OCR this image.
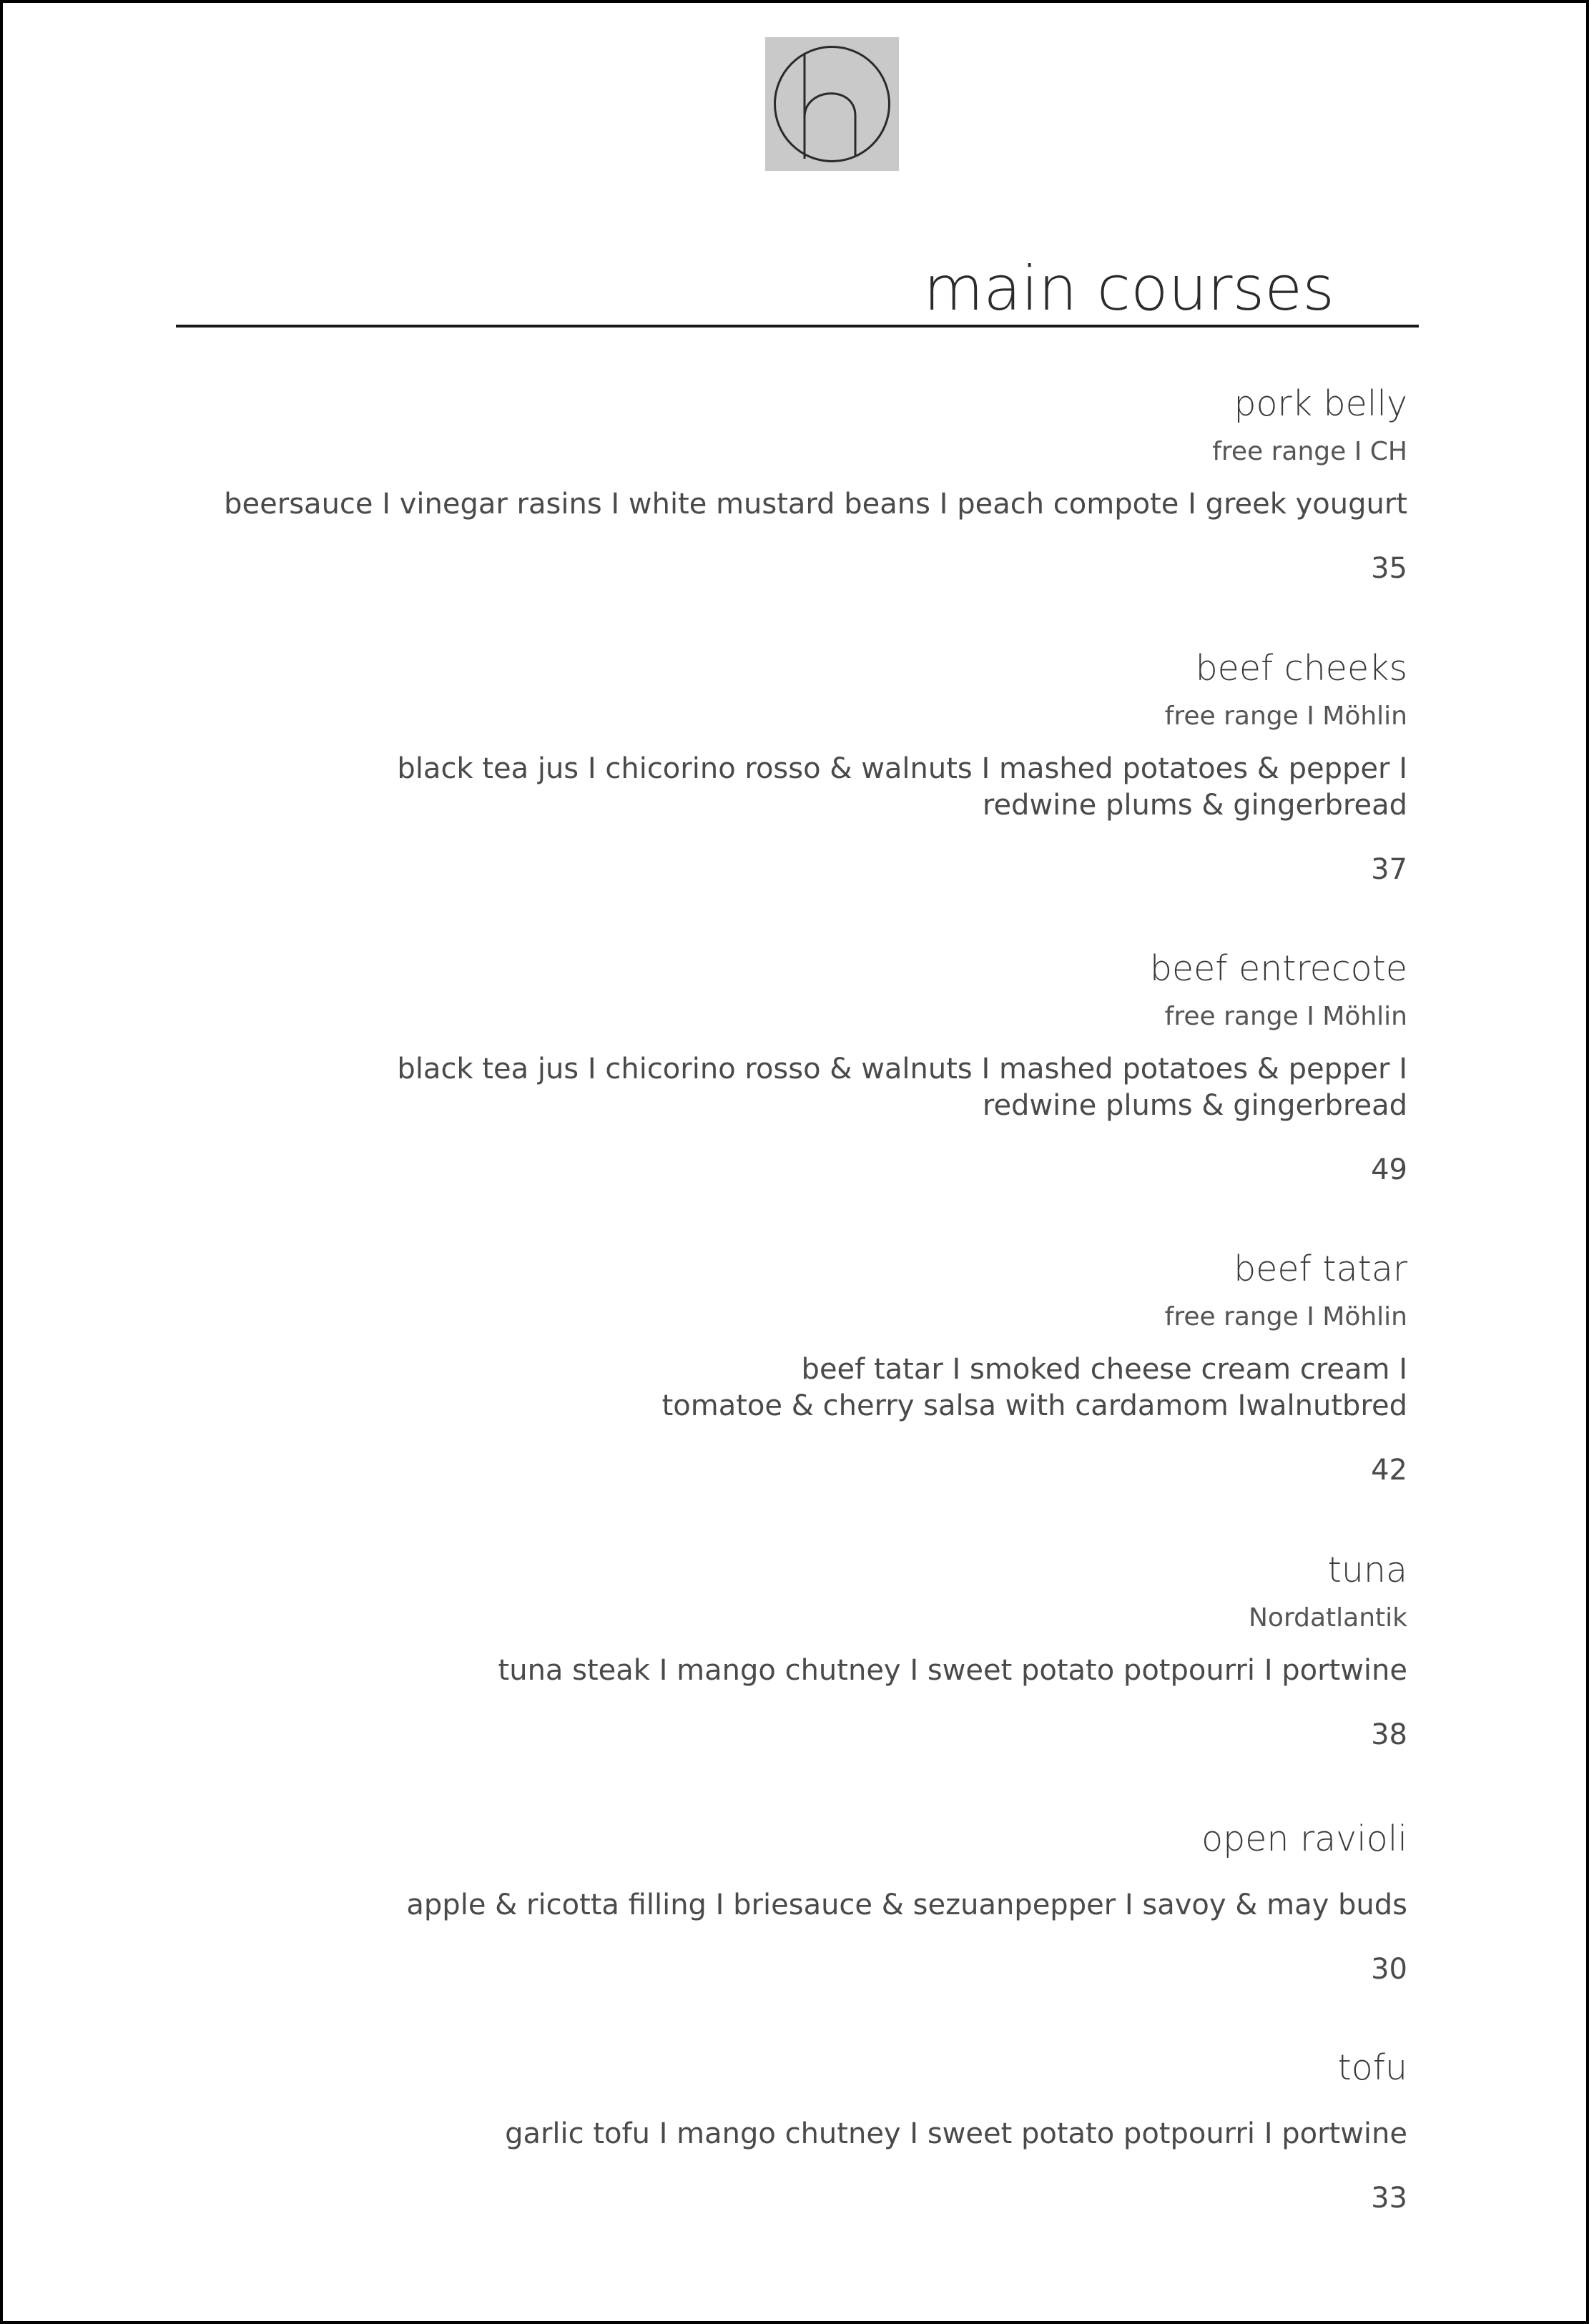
main courses
pork belly
free range I CH
beersauce I vinegar rasins I white mustard beans I peach compote I greek yougurt
35
beef cheeks
free range I Möhlin
black tea jus I chicorino rosso & walnuts I mashed potatoes & pepper I
redwine plums & gingerbread
37
beef entrecote
free range I Möhlin
black tea jus I chicorino rosso & walnuts I mashed potatoes & pepper I
redwine plums & gingerbread
49
beef tatar
free range I Möhlin
beef tatar I smoked cheese cream cream I
tomatoe & cherry salsa with cardamom Iwalnutbred
42
tuna
Nordatlantik
tuna steak I mango chutney I sweet potato potpourri I portwine
38
open ravioli
apple & ricotta filling I briesauce & sezuanpepper I savoy & may buds
30
tofu
garlic tofu I mango chutney I sweet potato potpourri I portwine
33
